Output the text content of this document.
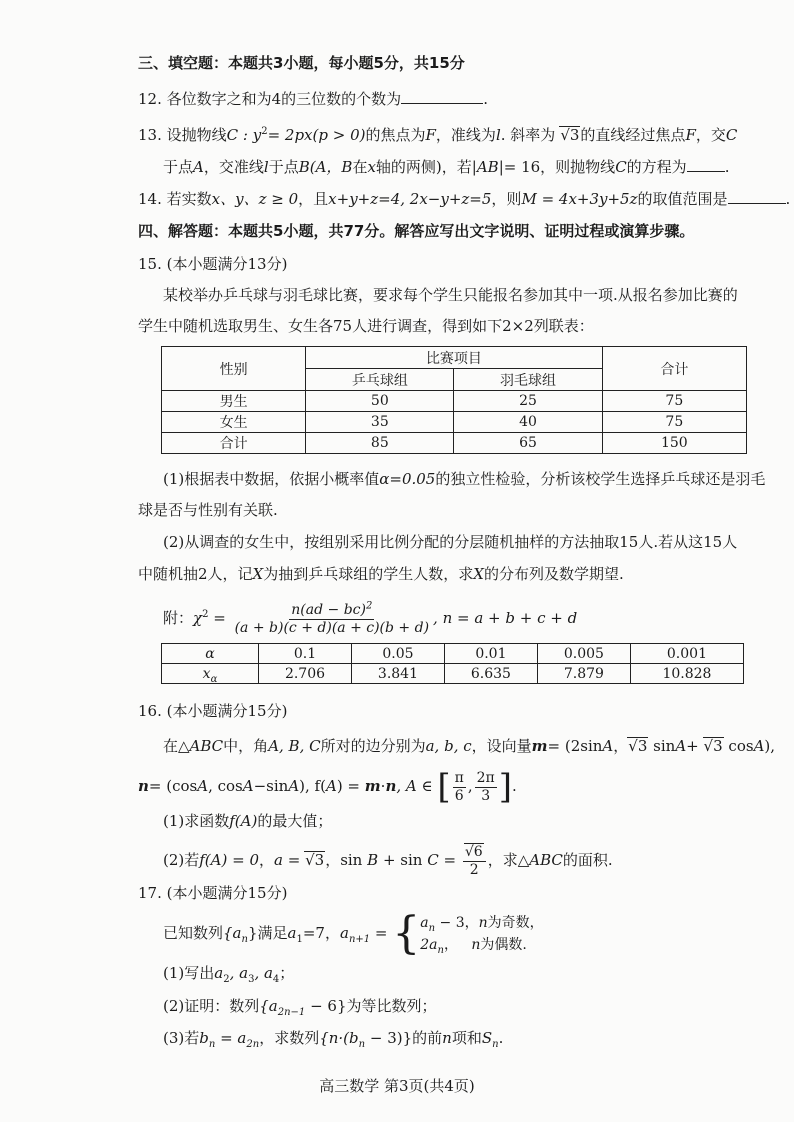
三、填空题：本题共3小题，每小题5分，共15分
12. 各位数字之和为4的三位数的个数为	.
13. 设抛物线C : $y^2= 2px(p > 0)$的焦点为F，准线为l. 斜率为 √3的直线经过焦点F，交C
于点A，交准线l于点B(A，B在x轴的两侧)，若|AB|= 16，则抛物线C的方程为	.
14. 若实数x、y、z ≥ 0，且x+y+z=4, 2x−y+z=5，则M = 4x+3y+5z的取值范围是	.
四、解答题：本题共5小题，共77分。解答应写出文字说明、证明过程或演算步骤。
15. (本小题满分13分)
某校举办乒乓球与羽毛球比赛，要求每个学生只能报名参加其中一项.从报名参加比赛的
学生中随机选取男生、女生各75人进行调查，得到如下2×2列联表：
性别	比赛项目		合计
	乒乓球组	羽毛球组	
男生	50	25	75
女生	35	40	75
合计	85	65	150
(1)根据表中数据，依据小概率值α=0.05的独立性检验，分析该校学生选择乒乓球还是羽毛
球是否与性别有关联.
(2)从调查的女生中，按组别采用比例分配的分层随机抽样的方法抽取15人.若从这15人
中随机抽2人，记X为抽到乒乓球组的学生人数，求X的分布列及数学期望.
附：$\chi^2 = \frac{n(ad - bc)^2}{(a + b)(c + d)(a + c)(b + d)}$ , n = a + b + c + d
α	0.1	0.05	0.01	0.005	0.001
$x_\alpha$	2.706	3.841	6.635	7.879	10.828
16. (本小题满分15分)
在△ABC中，角A, B, C所对的边分别为a, b, c，设向量m= (2sinA，√3 sinA+ √3 cosA),
n= (cosA, cosA−sinA), f(A) = m·n, A ∈ [ $\frac{\pi}{6}$ , $\frac{2\pi}{3}$ ].
(1)求函数f(A)的最大值；
(2)若f(A) = 0，a = √3，$\sin B + \sin C = \frac{√6}{2}$ ，求△ABC的面积.
17. (本小题满分15分)
已知数列$\{a_n\}$满足$a_1=7$，$a_{n+1}$ = { $a_n - 3$，n为奇数，
$2a_n$， n为偶数.
(1)写出$a_2$, $a_3$, $a_4$；
(2)证明：数列$\{a_{2n-1} - 6\}$为等比数列；
(3)若$b_n = a_{2n}$，求数列$\{n\cdot(b_n - 3)\}$的前n项和$S_n$.
高三数学 第3页(共4页)
